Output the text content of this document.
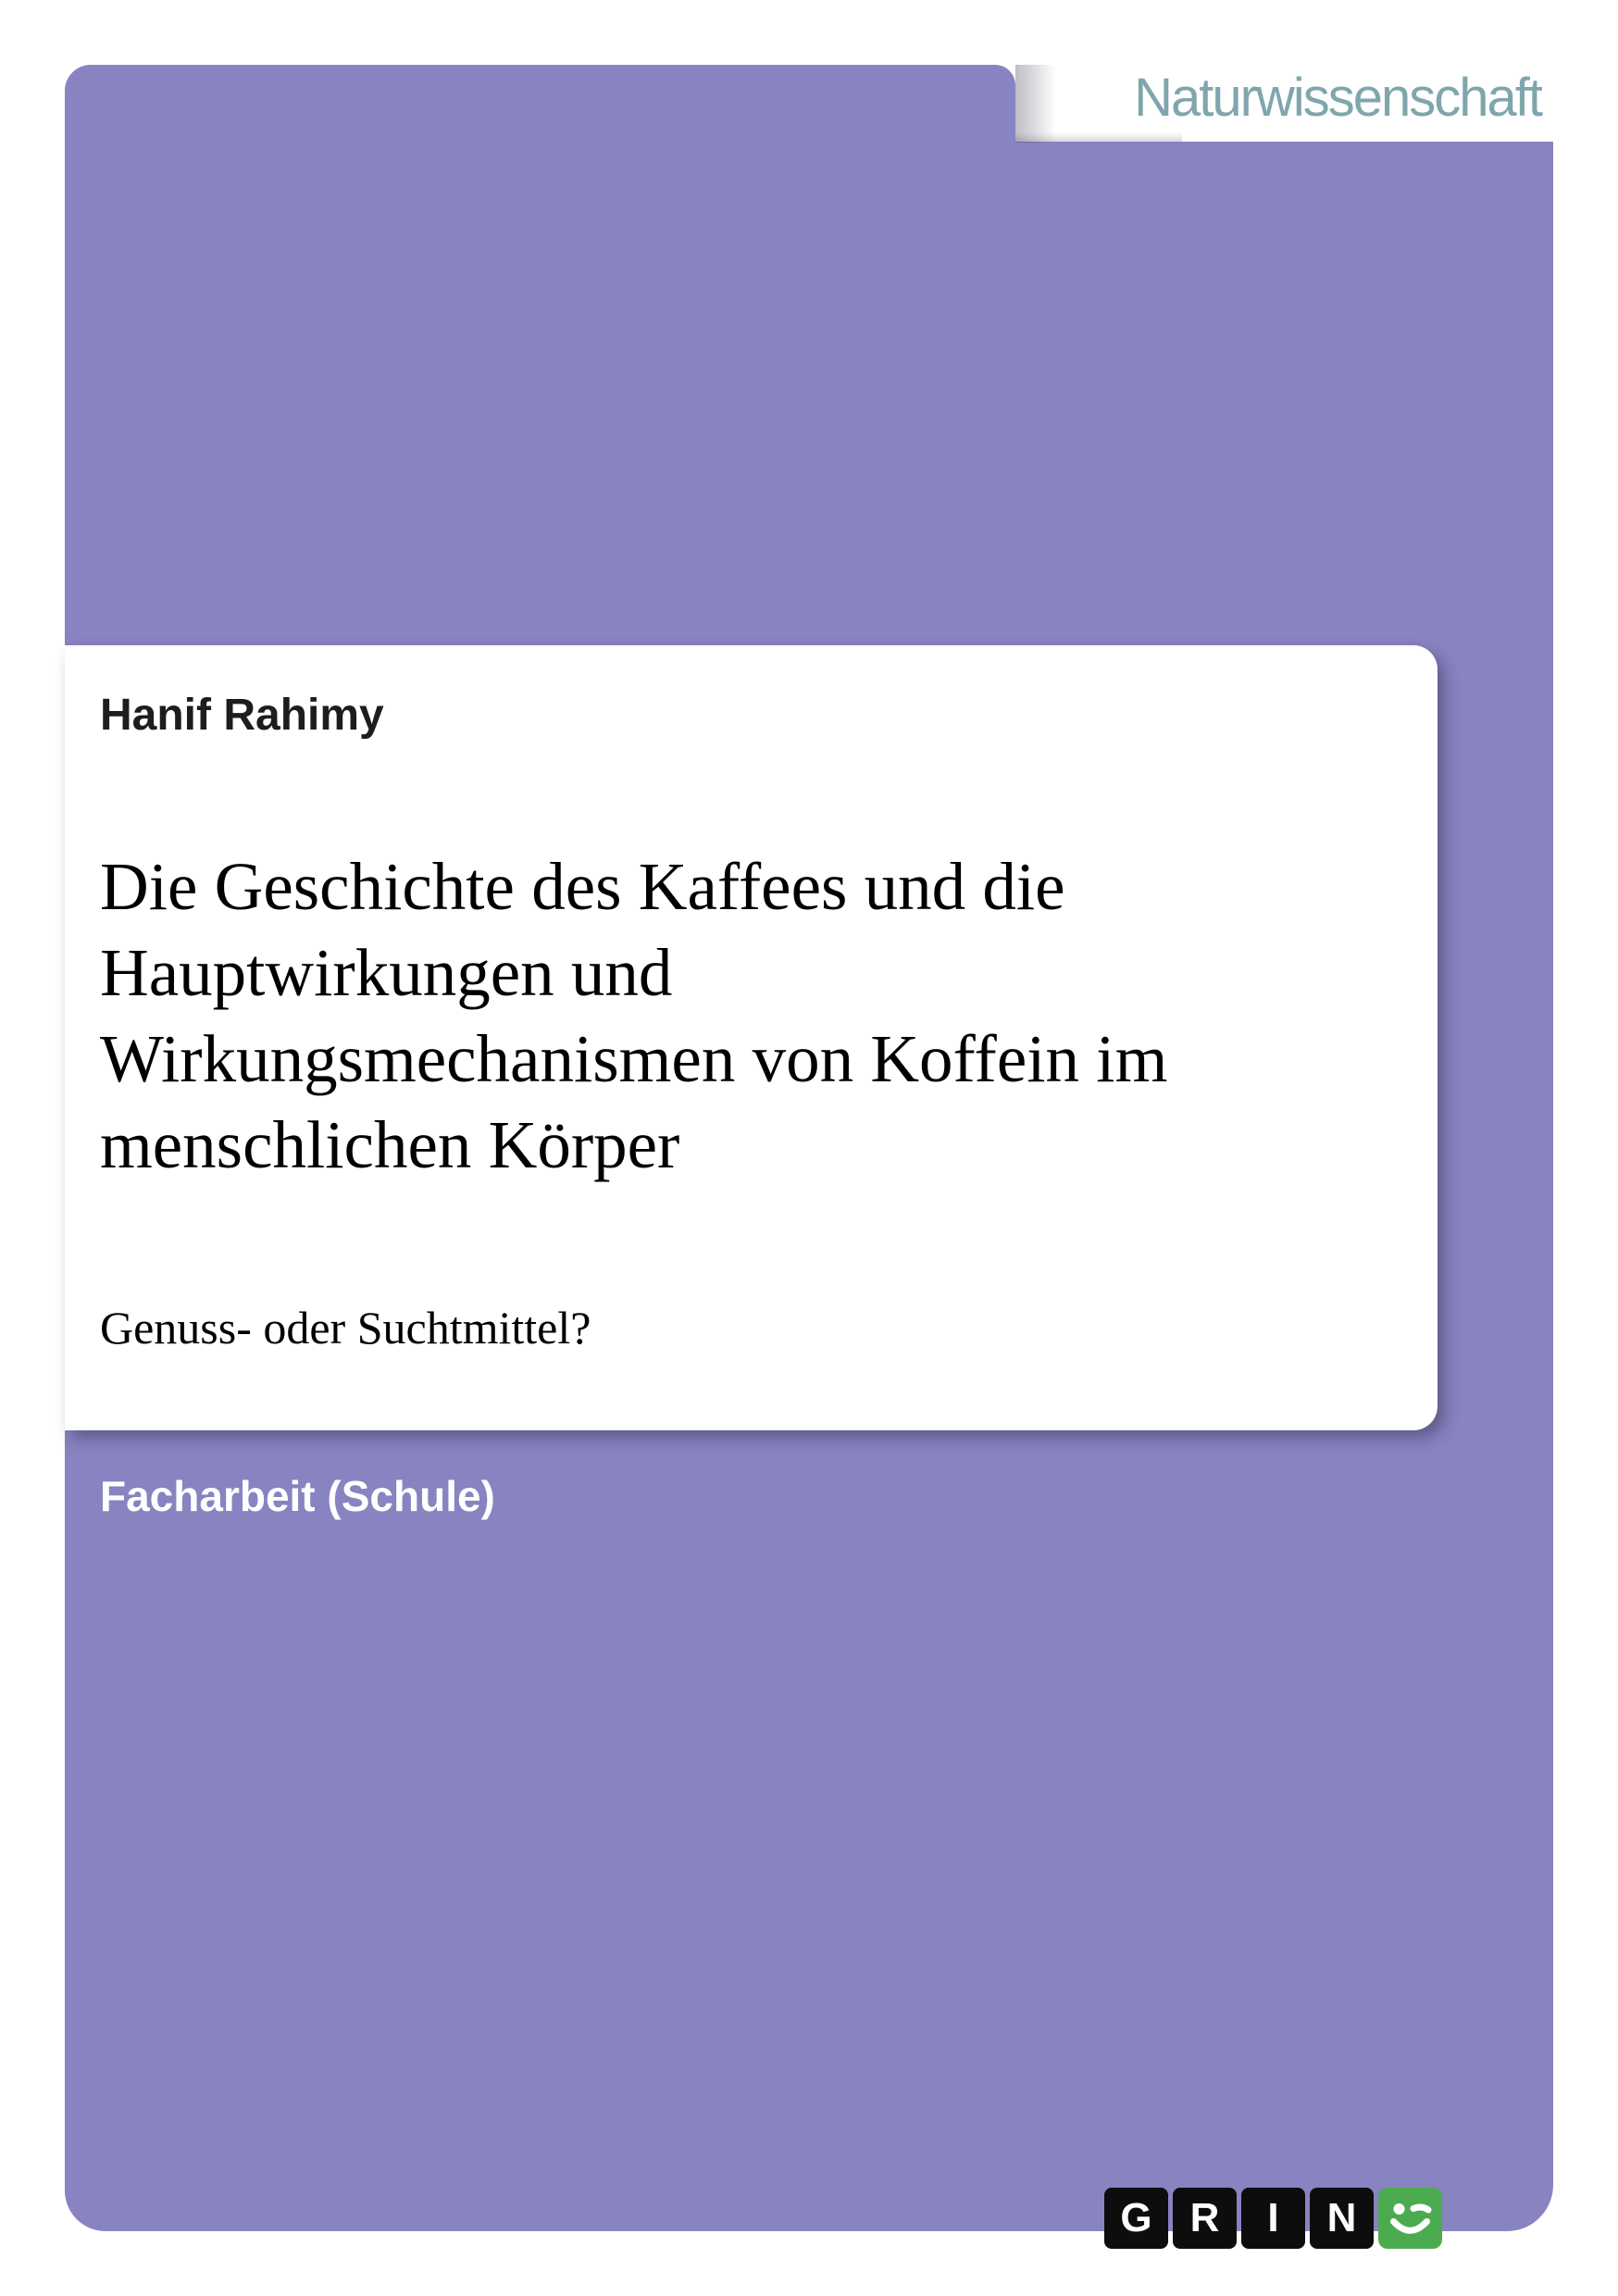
Naturwissenschaft

Hanif Rahimy

Die Geschichte des Kaffees und die
Hauptwirkungen und
Wirkungsmechanismen von Koffein im
menschlichen Körper
Genuss- oder Suchtmittel?
Facharbeit (Schule)
G R	I	N
